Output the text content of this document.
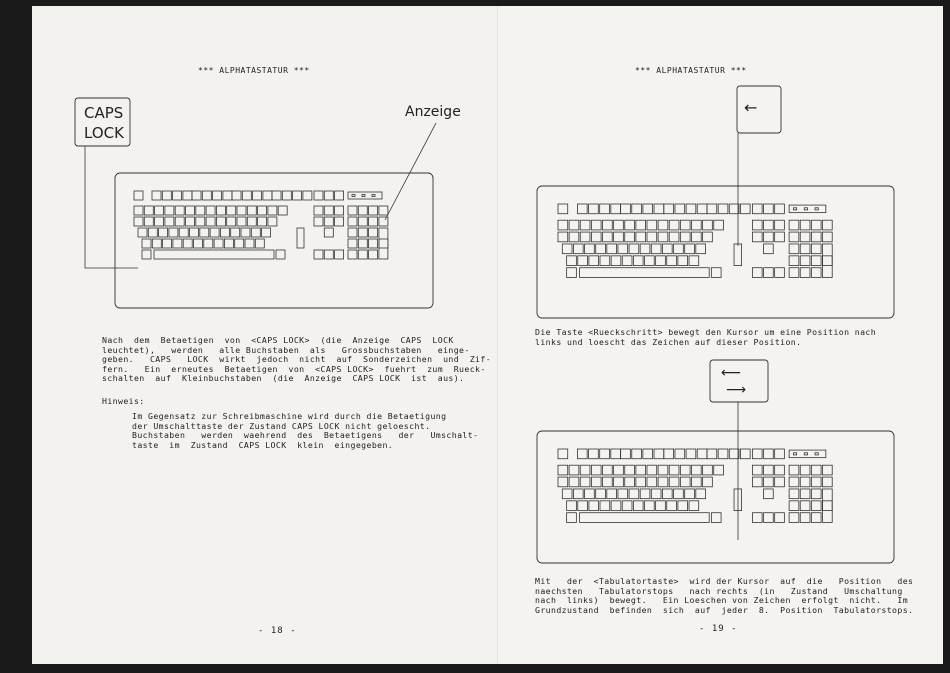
*** ALPHATASTATUR ***
CAPS
LOCK
Anzeige
Nach  dem  Betaetigen  von  <CAPS LOCK>  (die  Anzeige  CAPS  LOCK
leuchtet),   werden   alle Buchstaben  als   Grossbuchstaben   einge-
geben.   CAPS   LOCK  wirkt  jedoch  nicht  auf  Sonderzeichen  und  Zif-
fern.   Ein  erneutes  Betaetigen  von  <CAPS LOCK>  fuehrt  zum  Rueck-
schalten  auf  Kleinbuchstaben  (die  Anzeige  CAPS LOCK  ist  aus).
Hinweis:
Im Gegensatz zur Schreibmaschine wird durch die Betaetigung
der Umschalttaste der Zustand CAPS LOCK nicht geloescht.
Buchstaben   werden  waehrend  des  Betaetigens   der   Umschalt-
taste  im  Zustand  CAPS LOCK  klein  eingegeben.
- 18 -
*** ALPHATASTATUR ***
←
⟵
⟶
Die Taste <Rueckschritt> bewegt den Kursor um eine Position nach
links und loescht das Zeichen auf dieser Position.
Mit   der  <Tabulatortaste>  wird der Kursor  auf  die   Position   des
naechsten   Tabulatorstops   nach rechts  (in   Zustand   Umschaltung
nach  links)  bewegt.   Ein Loeschen von Zeichen  erfolgt  nicht.   Im
Grundzustand  befinden  sich  auf  jeder  8.  Position  Tabulatorstops.
- 19 -
